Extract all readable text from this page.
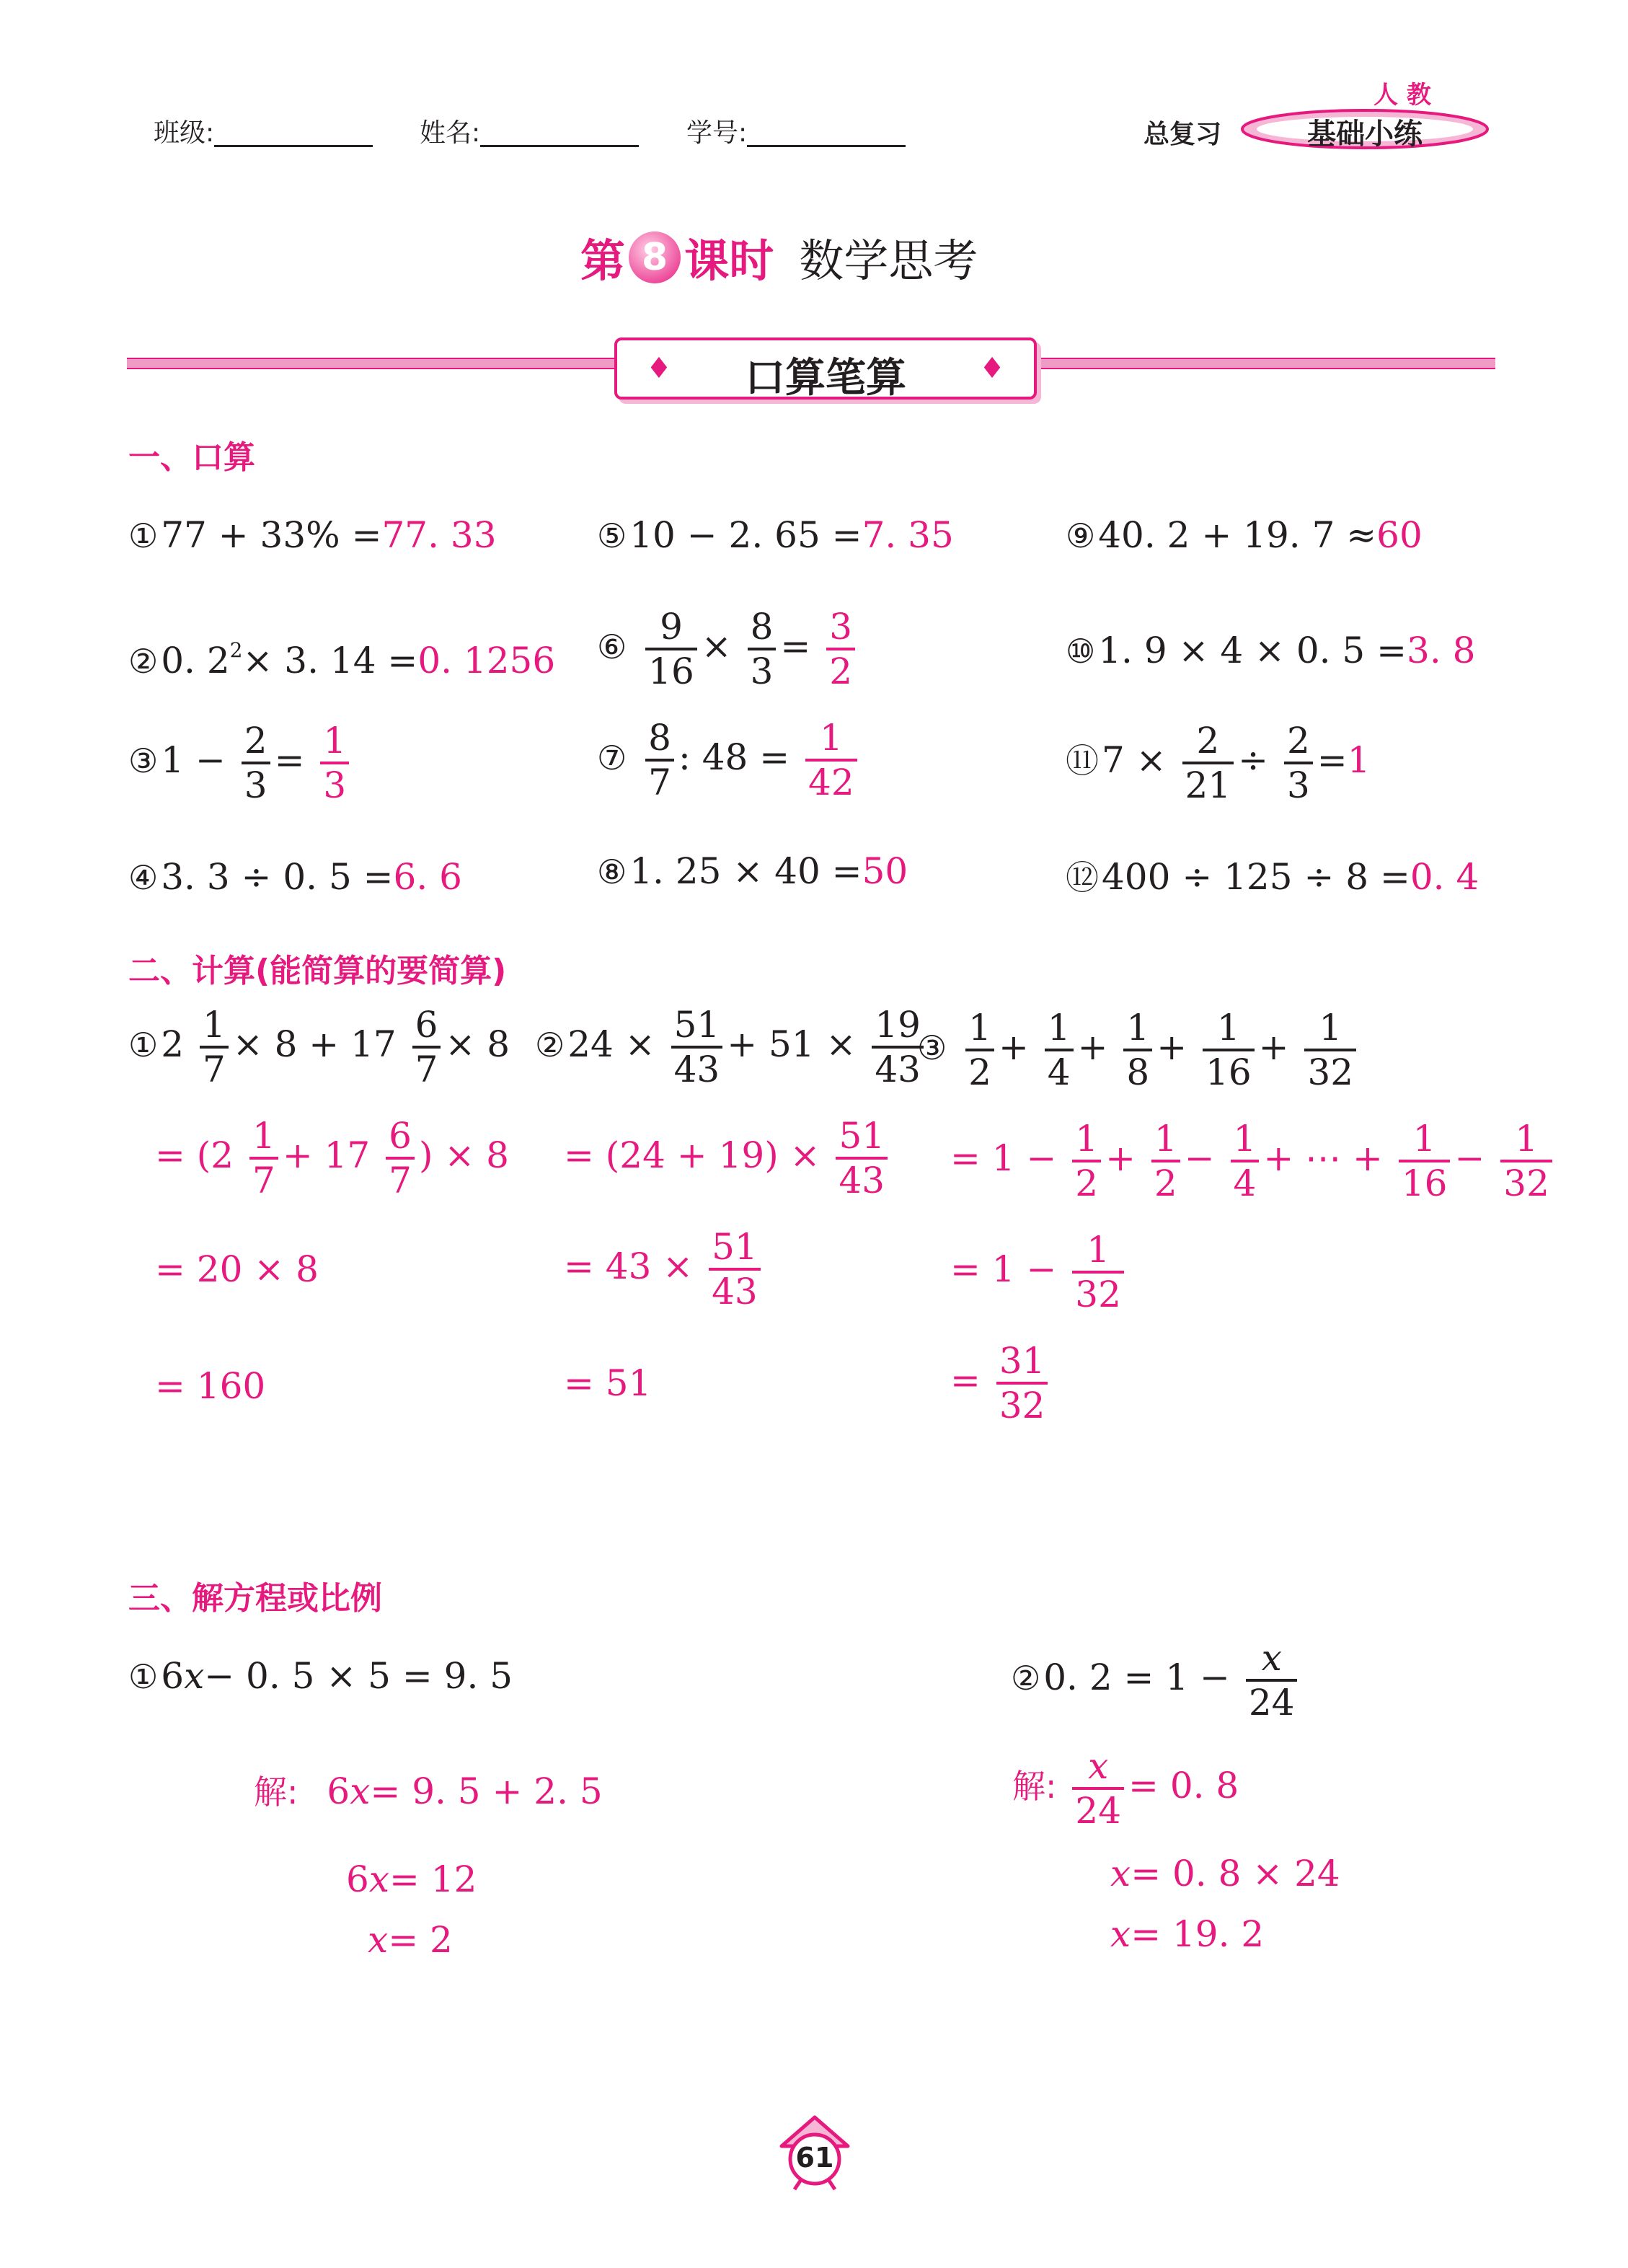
班级:	姓名:	学号:	总复习	基础小练
人 教
第 8 课时 数学思考
♦	口算笔算	♦
一、口算
①77 + 33% =77. 33
②0. $2^2\times 3$. 14 =0. 1256
③1 − $\frac{2}{3} = \frac{1}{3}$
④3. 3 ÷ 0. 5 =6. 6
⑤10 − 2. 65 =7. 35
⑥ $\frac{9}{16} \times \frac{8}{3} = \frac{3}{2}$
⑦ $\frac{8}{7}$ : $48 = \frac{1}{42}$
⑧1. 25 × 40 =50
⑨40. 2 + 19. 7 ≈60
⑩1. 9 × 4 × 0. 5 =3. 8
⑪7 × $\frac{2}{21} \div \frac{2}{3} =1$
⑫400 ÷ 125 ÷ 8 =0. 4
二、计算(能简算的要简算)
①2 $\frac{1}{7} \times 8 + 17 \frac{6}{7} \times 8$
= ($2 \frac{1}{7} + 17 \frac{6}{7}$ ) × 8
= 20 × 8
= 160
②24 × $\frac{51}{43} + 51 \times \frac{19}{43}$
= $(24 + 19) \times \frac{51}{43}$
= $43 \times \frac{51}{43}$
= 51
③ $\frac{1}{2} + \frac{1}{4} + \frac{1}{8} + \frac{1}{16} + \frac{1}{32}$
= $1 - \frac{1}{2} + \frac{1}{2} - \frac{1}{4}$ + ⋯ + $\frac{1}{16} - \frac{1}{32}$
= $1 - \frac{1}{32}$
= $\frac{31}{32}$
三、解方程或比例
①6x− 0. 5 × 5 = 9. 5
解: 6x= 9. 5 + 2. 5
6x= 12
x= 2
②0. $2 = 1 - \frac{x}{24}$
解: $\frac{x}{24} = 0$. 8
x= 0. 8 × 24
x= 19. 2
61
